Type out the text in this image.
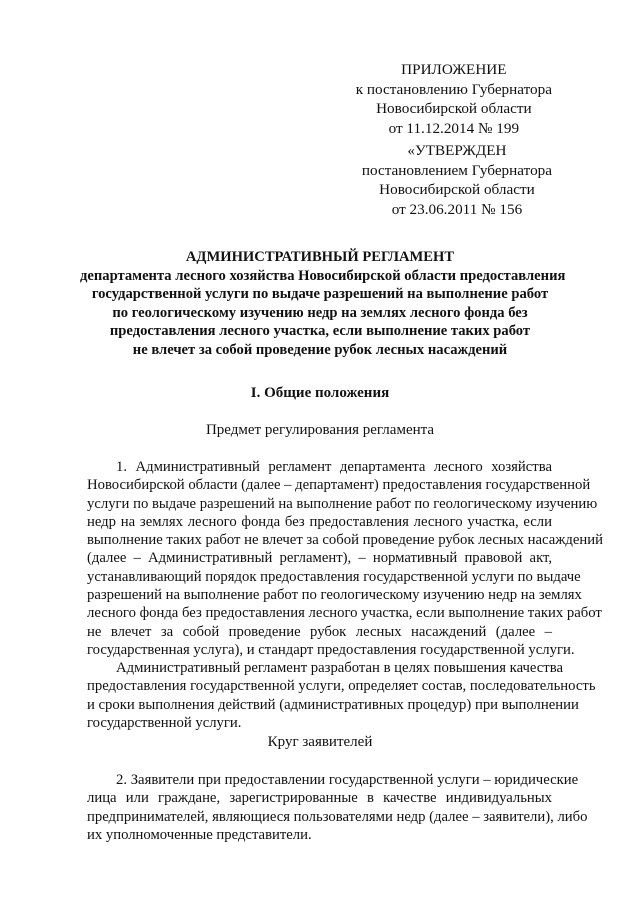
ПРИЛОЖЕНИЕ
к постановлению Губернатора
Новосибирской области
от 11.12.2014 № 199
«УТВЕРЖДЕН
постановлением Губернатора
Новосибирской области
от 23.06.2011 № 156
АДМИНИСТРАТИВНЫЙ РЕГЛАМЕНТ
департамента лесного хозяйства Новосибирской области предоставления
государственной услуги по выдаче разрешений на выполнение работ
по геологическому изучению недр на землях лесного фонда без
предоставления лесного участка, если выполнение таких работ
не влечет за собой проведение рубок лесных насаждений
I. Общие положения
Предмет регулирования регламента
1. Административный регламент департамента лесного хозяйства
Новосибирской области (далее – департамент) предоставления государственной
услуги по выдаче разрешений на выполнение работ по геологическому изучению
недр на землях лесного фонда без предоставления лесного участка, если
выполнение таких работ не влечет за собой проведение рубок лесных насаждений
(далее – Административный регламент), – нормативный правовой акт,
устанавливающий порядок предоставления государственной услуги по выдаче
разрешений на выполнение работ по геологическому изучению недр на землях
лесного фонда без предоставления лесного участка, если выполнение таких работ
не влечет за собой проведение рубок лесных насаждений (далее –
государственная услуга), и стандарт предоставления государственной услуги.
Административный регламент разработан в целях повышения качества
предоставления государственной услуги, определяет состав, последовательность
и сроки выполнения действий (административных процедур) при выполнении
государственной услуги.
Круг заявителей
2. Заявители при предоставлении государственной услуги – юридические
лица или граждане, зарегистрированные в качестве индивидуальных
предпринимателей, являющиеся пользователями недр (далее – заявители), либо
их уполномоченные представители.
